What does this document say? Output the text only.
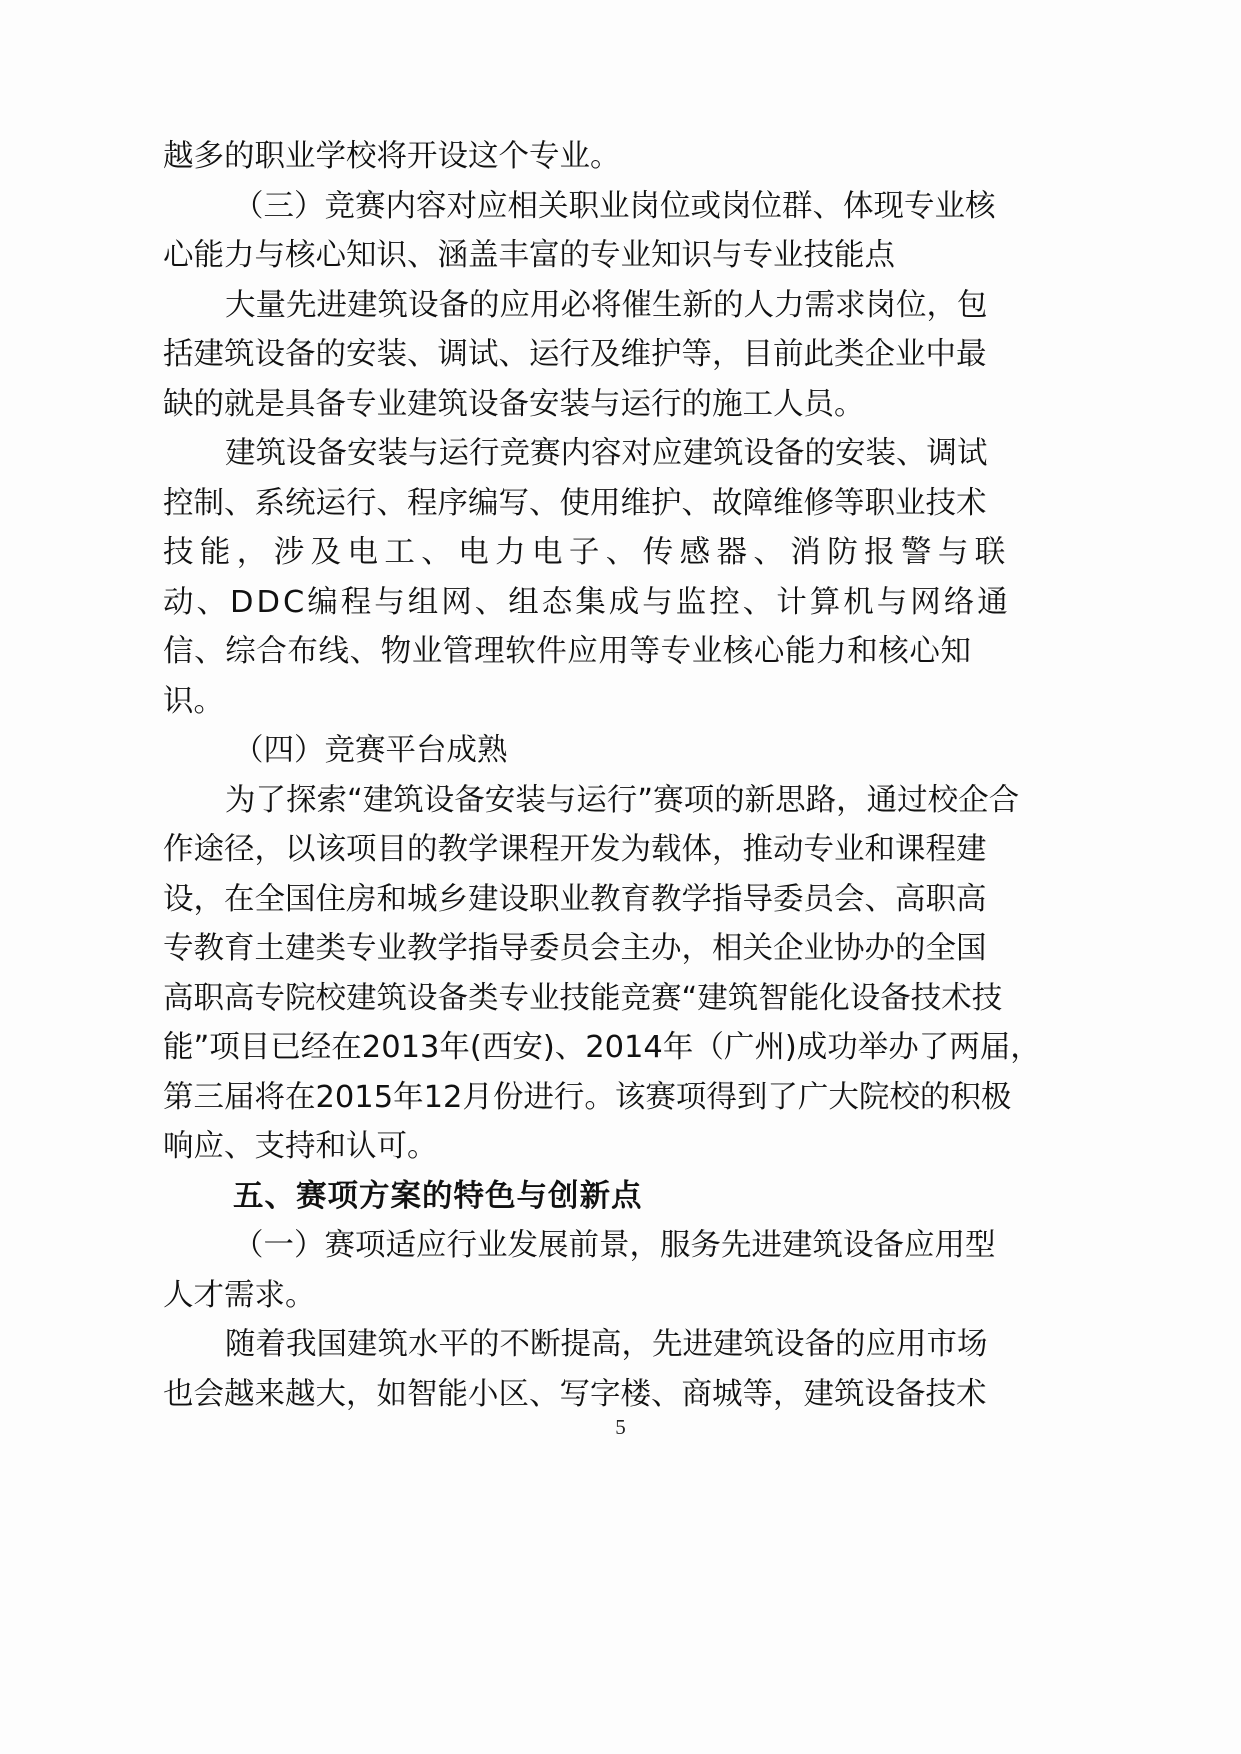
越多的职业学校将开设这个专业。
（三）竞赛内容对应相关职业岗位或岗位群、体现专业核
心能力与核心知识、涵盖丰富的专业知识与专业技能点
大量先进建筑设备的应用必将催生新的人力需求岗位，包
括建筑设备的安装、调试、运行及维护等，目前此类企业中最
缺的就是具备专业建筑设备安装与运行的施工人员。
建筑设备安装与运行竞赛内容对应建筑设备的安装、调试
控制、系统运行、程序编写、使用维护、故障维修等职业技术
技能，涉及电工、电力电子、传感器、消防报警与联
动、DDC编程与组网、组态集成与监控、计算机与网络通
信、综合布线、物业管理软件应用等专业核心能力和核心知
识。
（四）竞赛平台成熟
为了探索“建筑设备安装与运行”赛项的新思路，通过校企合
作途径，以该项目的教学课程开发为载体，推动专业和课程建
设，在全国住房和城乡建设职业教育教学指导委员会、高职高
专教育土建类专业教学指导委员会主办，相关企业协办的全国
高职高专院校建筑设备类专业技能竞赛“建筑智能化设备技术技
能”项目已经在2013年(西安)、2014年（广州)成功举办了两届，
第三届将在2015年12月份进行。该赛项得到了广大院校的积极
响应、支持和认可。
五、赛项方案的特色与创新点
（一）赛项适应行业发展前景，服务先进建筑设备应用型
人才需求。
随着我国建筑水平的不断提高，先进建筑设备的应用市场
也会越来越大，如智能小区、写字楼、商城等，建筑设备技术
5
